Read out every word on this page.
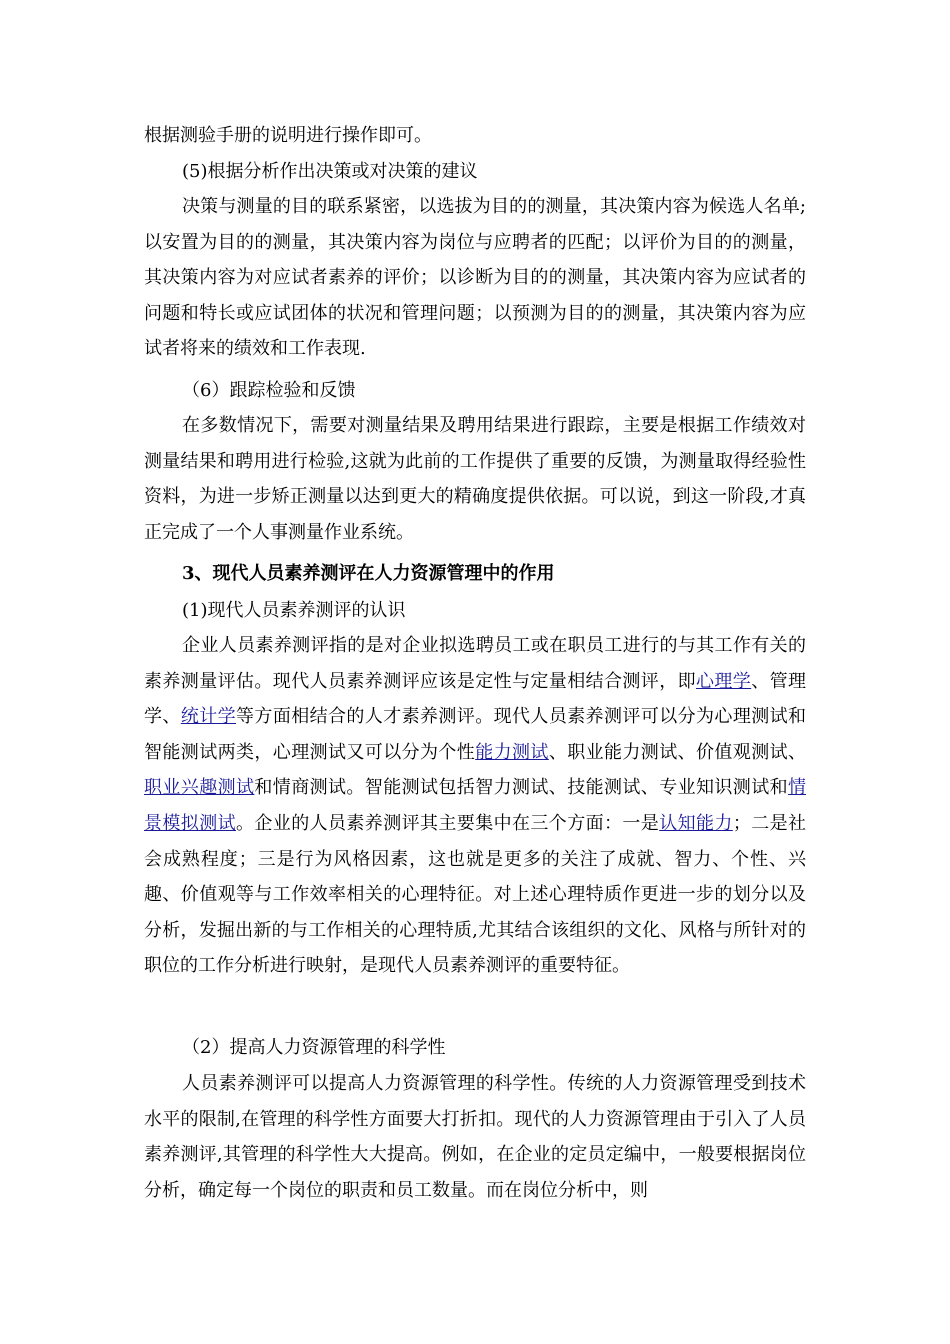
根据测验手册的说明进行操作即可。

(5)根据分析作出决策或对决策的建议

决策与测量的目的联系紧密，以选拔为目的的测量，其决策内容为候选人名单;以安置为目的的测量，其决策内容为岗位与应聘者的匹配；以评价为目的的测量，其决策内容为对应试者素养的评价；以诊断为目的的测量，其决策内容为应试者的问题和特长或应试团体的状况和管理问题；以预测为目的的测量，其决策内容为应试者将来的绩效和工作表现.

（6）跟踪检验和反馈

在多数情况下，需要对测量结果及聘用结果进行跟踪，主要是根据工作绩效对测量结果和聘用进行检验,这就为此前的工作提供了重要的反馈，为测量取得经验性资料，为进一步矫正测量以达到更大的精确度提供依据。可以说，到这一阶段,才真正完成了一个人事测量作业系统。

3、现代人员素养测评在人力资源管理中的作用

(1)现代人员素养测评的认识

企业人员素养测评指的是对企业拟选聘员工或在职员工进行的与其工作有关的素养测量评估。现代人员素养测评应该是定性与定量相结合测评，即心理学、管理学、统计学等方面相结合的人才素养测评。现代人员素养测评可以分为心理测试和智能测试两类，心理测试又可以分为个性能力测试、职业能力测试、价值观测试、职业兴趣测试和情商测试。智能测试包括智力测试、技能测试、专业知识测试和情景模拟测试。企业的人员素养测评其主要集中在三个方面：一是认知能力；二是社会成熟程度；三是行为风格因素，这也就是更多的关注了成就、智力、个性、兴趣、价值观等与工作效率相关的心理特征。对上述心理特质作更进一步的划分以及分析，发掘出新的与工作相关的心理特质,尤其结合该组织的文化、风格与所针对的职位的工作分析进行映射，是现代人员素养测评的重要特征。

（2）提高人力资源管理的科学性

人员素养测评可以提高人力资源管理的科学性。传统的人力资源管理受到技术水平的限制,在管理的科学性方面要大打折扣。现代的人力资源管理由于引入了人员素养测评,其管理的科学性大大提高。例如，在企业的定员定编中，一般要根据岗位分析，确定每一个岗位的职责和员工数量。而在岗位分析中，则
